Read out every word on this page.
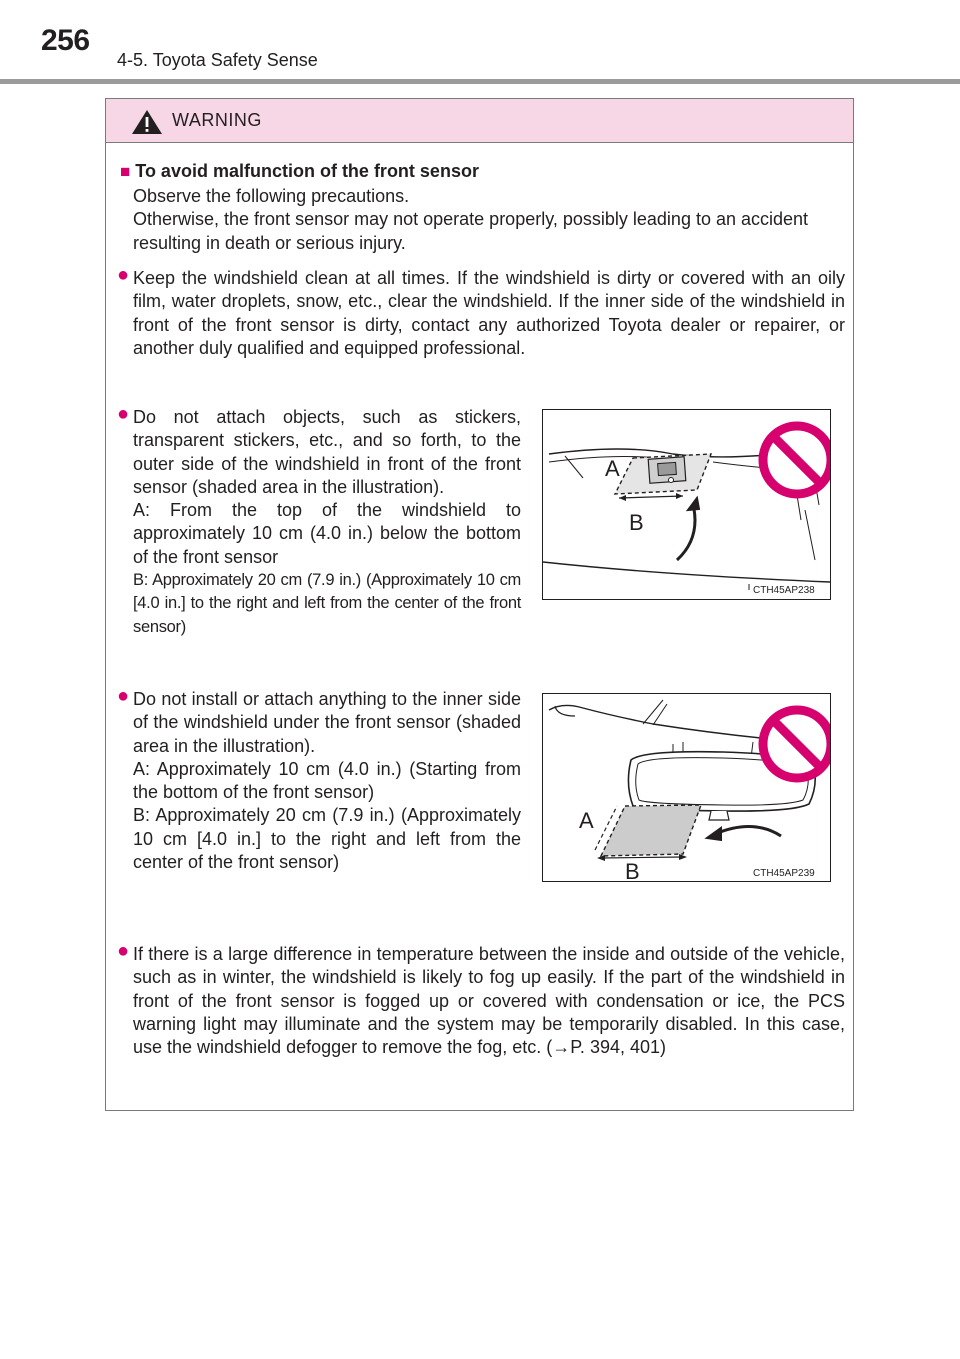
256
4-5. Toyota Safety Sense
WARNING
■ To avoid malfunction of the front sensor
Observe the following precautions.
Otherwise, the front sensor may not operate properly, possibly leading to an accident resulting in death or serious injury.
● Keep the windshield clean at all times. If the windshield is dirty or covered with an oily film, water droplets, snow, etc., clear the windshield. If the inner side of the windshield in front of the front sensor is dirty, contact any authorized Toyota dealer or repairer, or another duly qualified and equipped professional.
● Do not attach objects, such as stickers, transparent stickers, etc., and so forth, to the outer side of the windshield in front of the front sensor (shaded area in the illustration).
A: From the top of the windshield to approximately 10 cm (4.0 in.) below the bottom of the front sensor
B: Approximately 20 cm (7.9 in.) (Approximately 10 cm [4.0 in.] to the right and left from the center of the front sensor)
A
B
CTH45AP238
● Do not install or attach anything to the inner side of the windshield under the front sensor (shaded area in the illustration).
A: Approximately 10 cm (4.0 in.) (Starting from the bottom of the front sensor)
B: Approximately 20 cm (7.9 in.) (Approximately 10 cm [4.0 in.] to the right and left from the center of the front sensor)
A
B	CTH45AP239
● If there is a large difference in temperature between the inside and outside of the vehicle, such as in winter, the windshield is likely to fog up easily. If the part of the windshield in front of the front sensor is fogged up or covered with condensation or ice, the PCS warning light may illuminate and the system may be temporarily disabled. In this case, use the windshield defogger to remove the fog, etc. (→P. 394, 401)
